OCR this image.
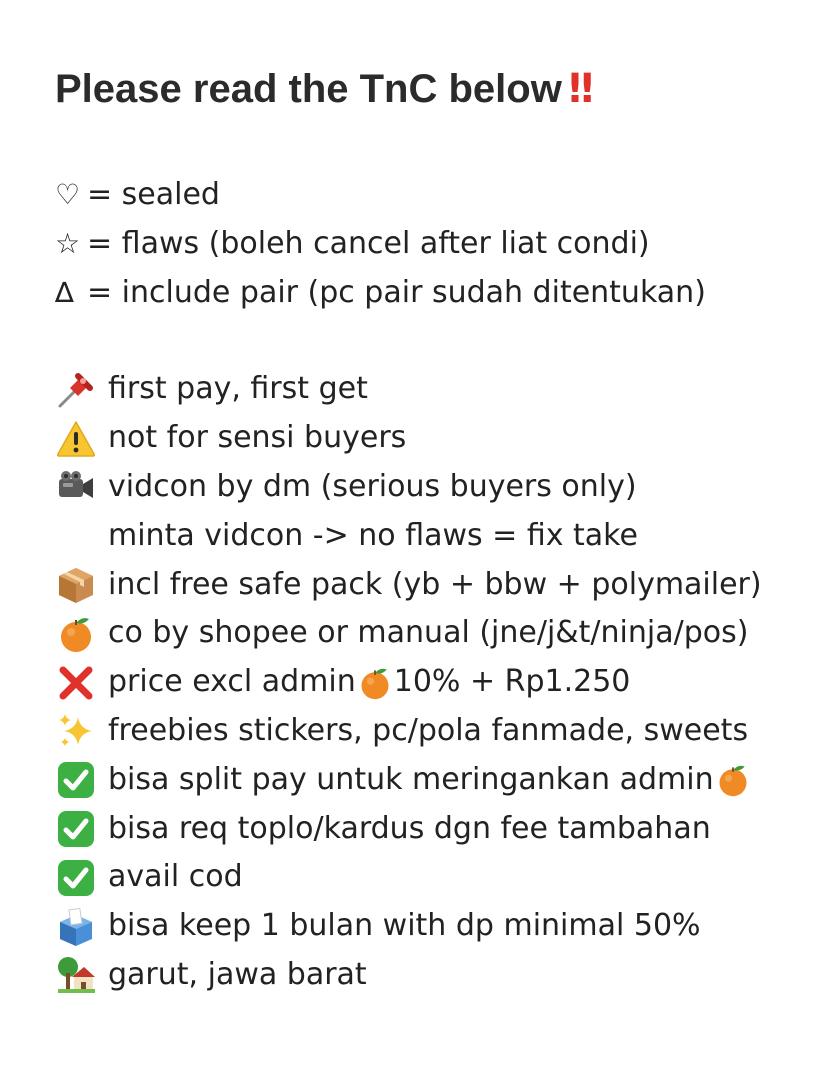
Please read the TnC below !!
♡ = sealed
☆ = flaws (boleh cancel after liat condi)
∆ = include pair (pc pair sudah ditentukan)
first pay, first get
not for sensi buyers
vidcon by dm (serious buyers only)
minta vidcon -> no flaws = fix take
incl free safe pack (yb + bbw + polymailer)
co by shopee or manual (jne/j&t/ninja/pos)
price excl admin 10% + Rp1.250
freebies stickers, pc/pola fanmade, sweets
bisa split pay untuk meringankan admin
bisa req toplo/kardus dgn fee tambahan
avail cod
bisa keep 1 bulan with dp minimal 50%
garut, jawa barat
